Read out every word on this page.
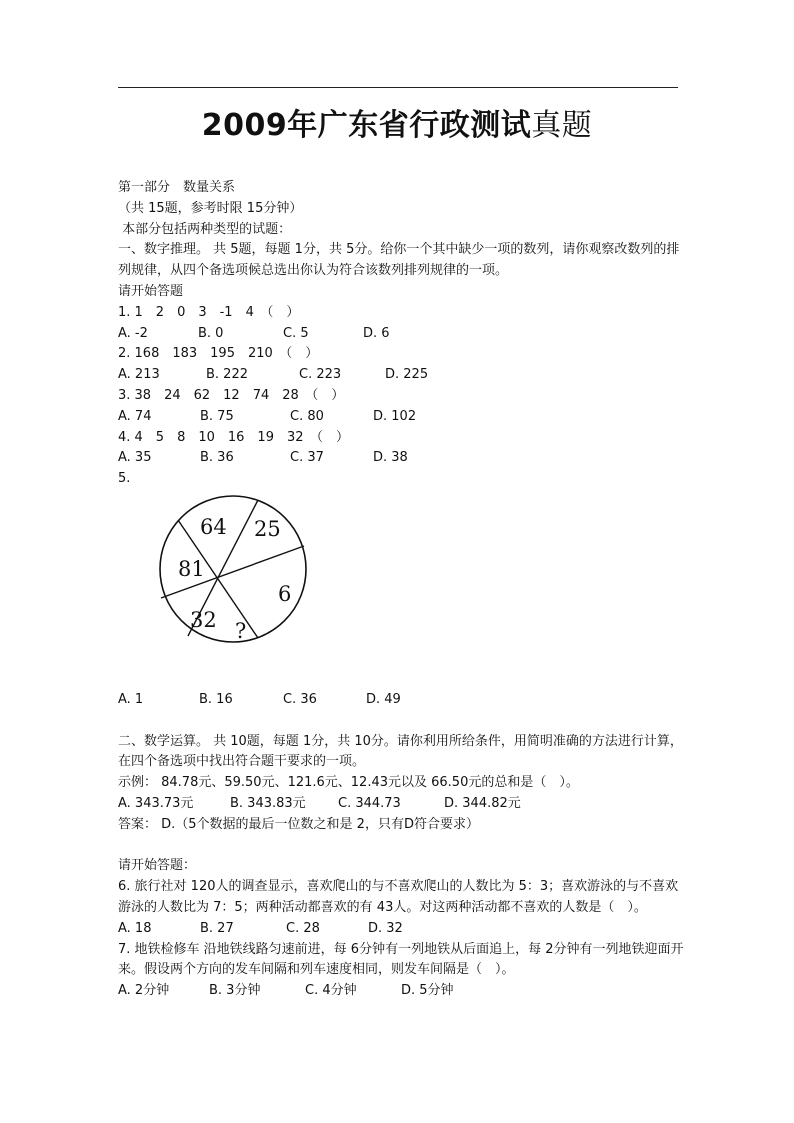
2009年广东省行政测试真题

第一部分　数量关系

（共 15题，参考时限 15分钟）

本部分包括两种类型的试题：

一、数字推理。 共 5题，每题 1分，共 5分。给你一个其中缺少一项的数列，请你观察改数列的排列规律，从四个备选项候总选出你认为符合该数列排列规律的一项。

请开始答题

1. 1　2　0　3　-1　4　（　）

A. -2	B. 0	C. 5	D. 6

2. 168　183　195　210　（　）

A. 213	B. 222	C. 223	D. 225

3. 38　24　62　12　74　28　（　）

A. 74	B. 75	C. 80	D. 102

4. 4　5　8　10　16　19　32　（　）

A. 35	B. 36	C. 37	D. 38

5.

64 25
81
6
32 ?
A. 1	B. 16	C. 36	D. 49

二、数学运算。 共 10题，每题 1分，共 10分。请你利用所给条件，用简明准确的方法进行计算，在四个备选项中找出符合题干要求的一项。

示例： 84.78元、59.50元、121.6元、12.43元以及 66.50元的总和是（　）。

A. 343.73元	B. 343.83元	C. 344.73	D. 344.82元

答案： D.（5个数据的最后一位数之和是 2，只有D符合要求）

请开始答题：

6. 旅行社对 120人的调查显示，喜欢爬山的与不喜欢爬山的人数比为 5：3；喜欢游泳的与不喜欢游泳的人数比为 7：5；两种活动都喜欢的有 43人。对这两种活动都不喜欢的人数是（　）。

A. 18	B. 27	C. 28	D. 32

7. 地铁检修车 沿地铁线路匀速前进，每 6分钟有一列地铁从后面追上，每 2分钟有一列地铁迎面开来。假设两个方向的发车间隔和列车速度相同，则发车间隔是（　）。

A. 2分钟	B. 3分钟	C. 4分钟	D. 5分钟
